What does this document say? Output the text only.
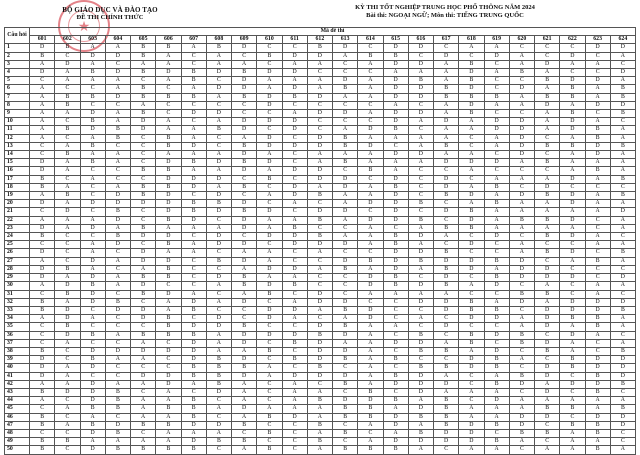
★
BỘ GIÁO DỤC VÀ ĐÀO TẠO
ĐỀ THI CHÍNH THỨC
KỲ THI TỐT NGHIỆP TRUNG HỌC PHỔ THÔNG NĂM 2024
Bài thi: NGOẠI NGỮ; Môn thi: TIẾNG TRUNG QUỐC
Câu hỏi	Mã đề thi																							
	601	602	603	604	605	606	607	608	609	610	611	612	613	614	615	616	617	618	619	620	621	622	623	624
1	D	B	A	A	B	B	A	B	D	C	C	B	D	C	D	D	C	A	A	C	C	C	D	D
2	B	C	D	D	B	A	C	A	C	B	D	D	A	B	B	C	D	C	D	A	C	D	C	A
3	A	D	A	C	A	A	C	A	A	C	A	A	C	A	D	D	A	B	C	A	D	A	A	C
4	D	A	B	D	B	D	B	D	B	D	D	C	C	C	A	A	A	D	A	B	A	C	C	D
5	C	A	A	A	C	A	B	C	D	A	A	A	D	A	D	B	A	B	C	C	B	D	D	A
6	A	C	C	A	B	C	A	D	D	A	D	A	B	A	D	D	B	D	C	D	A	B	A	B
7	A	B	B	D	B	B	B	A	B	D	B	D	A	A	D	D	B	B	B	A	B	B	A	B
8	A	B	C	C	A	C	C	C	C	D	C	C	C	C	A	C	A	D	A	A	D	A	D	D
9	A	A	D	A	B	C	D	D	C	C	A	D	D	A	D	D	A	B	C	C	A	B	C	B
10	A	C	B	A	D	A	C	A	D	D	D	C	C	C	D	A	D	A	D	D	A	D	A	C
11	A	B	D	B	D	A	A	B	D	C	D	C	A	D	B	C	A	A	D	D	A	D	B	A
12	A	C	A	B	C	B	A	C	A	D	C	D	B	A	A	A	A	C	A	D	C	A	B	A
13	C	A	B	C	C	B	D	C	B	D	D	D	B	D	C	A	B	C	A	D	B	B	D	B
14	C	B	A	A	C	A	A	A	D	A	C	A	A	A	D	D	A	A	C	D	C	A	D	A
15	D	A	B	A	C	D	B	D	B	D	C	A	B	A	A	A	D	D	D	A	B	A	A	A
16	D	A	C	C	B	B	A	A	D	A	D	D	C	B	A	C	C	A	C	C	C	A	B	A
17	B	C	A	C	C	D	D	D	C	B	C	D	D	C	D	C	D	C	A	A	A	D	A	B
18	B	A	C	A	B	B	D	A	B	C	D	A	D	A	B	C	D	A	B	C	D	C	C	C
19	A	B	C	D	B	D	C	D	C	A	D	B	A	A	D	C	B	D	A	D	B	D	A	B
20	D	A	D	D	D	D	B	B	D	C	A	C	A	D	D	B	C	A	B	A	A	D	A	A
21	C	D	C	B	C	D	B	D	B	D	C	D	D	C	D	C	D	B	A	A	A	A	A	D
22	A	A	A	D	C	B	D	C	D	A	A	B	A	D	D	B	C	D	A	B	B	D	C	A
23	D	A	D	A	B	A	A	A	D	A	B	C	C	A	C	A	B	B	A	A	A	A	C	A
24	B	C	C	B	D	D	C	D	C	D	D	B	A	A	B	D	A	C	D	C	B	D	A	C
25	C	C	A	D	C	B	A	D	D	C	D	D	D	A	B	A	C	D	C	A	C	C	A	A
26	D	C	A	C	D	A	A	C	A	A	C	A	C	C	D	D	B	C	C	A	B	D	C	B
27	A	C	D	A	D	D	C	B	D	A	C	C	D	B	D	B	D	D	B	D	C	A	B	A
28	D	B	A	C	A	B	C	C	A	D	D	A	B	A	D	A	B	D	A	D	D	C	C	C
29	D	A	D	A	B	B	C	D	B	A	A	C	C	D	B	C	D	C	B	D	D	D	C	D
30	A	D	B	A	D	C	C	A	B	D	B	C	C	D	B	D	B	A	D	C	A	C	A	A
31	C	B	D	C	B	D	A	C	A	B	C	D	C	A	A	A	A	C	C	B	B	C	A	C
32	B	A	D	B	C	A	D	A	D	C	A	D	D	C	C	D	D	B	A	D	A	D	D	D
33	B	D	C	D	D	A	B	C	C	D	D	A	B	D	C	C	D	B	B	C	D	D	D	B
34	A	D	A	C	D	B	C	D	C	D	A	C	A	D	C	A	C	D	D	A	D	B	B	A
35	C	B	C	C	C	B	D	D	B	C	C	D	B	A	A	C	D	C	C	A	D	A	B	A
36	C	D	B	A	B	B	B	A	D	D	D	B	D	A	C	B	C	B	D	B	C	D	A	C
37	C	A	C	C	A	C	D	A	D	C	B	D	A	A	D	D	A	B	C	B	D	A	C	A
38	B	C	D	D	D	D	D	A	A	B	C	D	D	A	C	B	B	A	D	C	B	A	C	B
39	D	C	B	A	A	C	D	B	D	C	B	D	B	A	B	C	C	D	B	A	C	B	D	D
40	D	A	D	C	C	C	B	B	B	A	C	B	C	A	C	B	B	D	B	C	D	B	D	D
41	D	A	C	C	D	D	B	B	D	A	D	D	D	A	B	D	A	C	A	B	D	C	B	D
42	A	A	D	A	A	D	A	B	A	C	A	C	B	A	D	D	D	C	B	D	A	D	D	B
43	B	D	D	B	C	A	C	D	A	C	A	A	C	B	C	D	A	A	A	C	D	C	B	C
44	A	C	D	B	A	A	B	C	A	C	A	B	D	D	B	A	B	C	D	A	A	A	A	A
45	C	A	B	B	A	B	B	A	D	A	A	A	B	B	A	D	B	A	A	A	B	B	A	B
46	B	C	A	C	A	A	B	C	A	B	D	A	B	B	D	B	B	A	A	D	D	C	D	D
47	B	A	B	D	B	B	D	D	B	C	C	B	C	A	D	A	B	D	B	D	C	B	B	D
48	C	C	D	B	C	A	A	A	C	B	C	A	B	C	A	B	D	D	C	B	B	A	B	C
49	B	B	A	A	A	A	D	B	B	C	C	B	C	A	D	D	D	D	B	A	C	A	A	C
50	B	C	D	B	B	B	B	C	A	B	C	A	B	B	B	A	C	A	A	C	A	A	B	A
